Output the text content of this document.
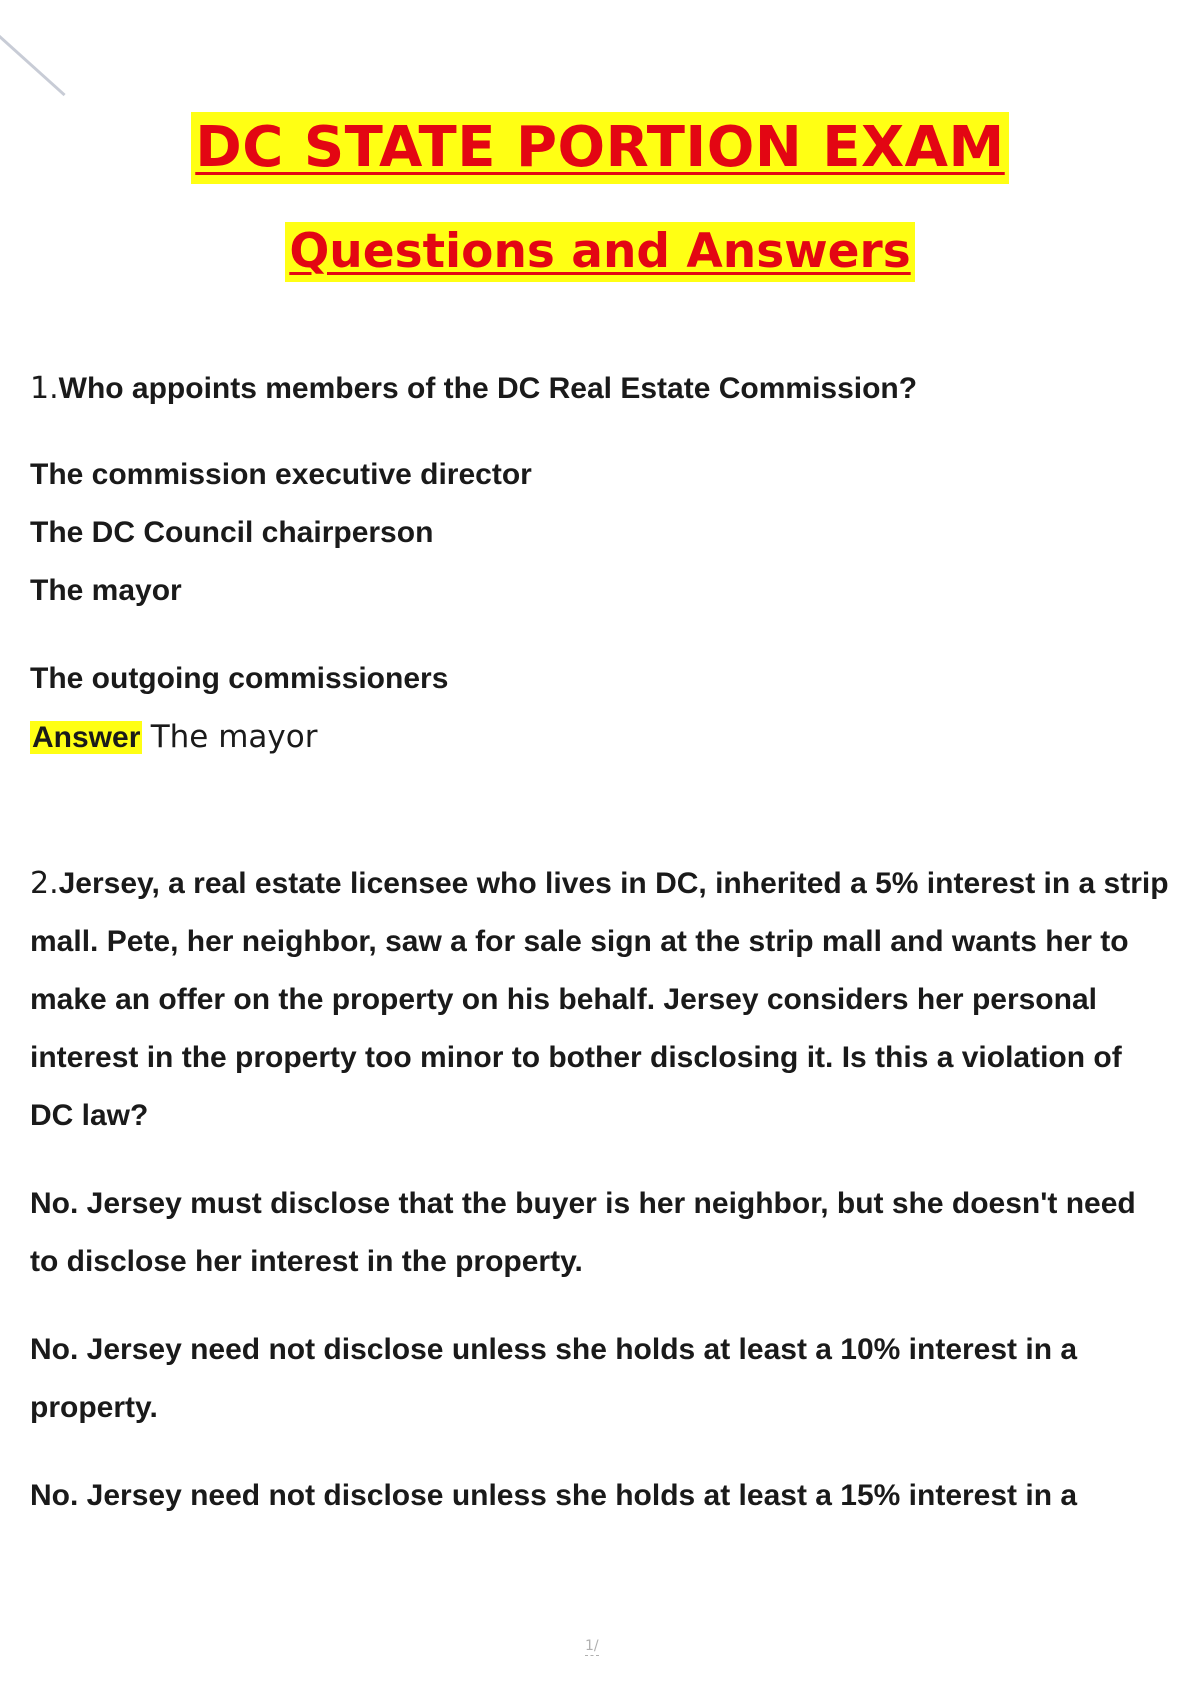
DC STATE PORTION EXAM
Questions and Answers

1.Who appoints members of the DC Real Estate Commission?

The commission executive director

The DC Council chairperson

The mayor

The outgoing commissioners

Answer The mayor

2.Jersey, a real estate licensee who lives in DC, inherited a 5% interest in a strip mall. Pete, her neighbor, saw a for sale sign at the strip mall and wants her to make an offer on the property on his behalf. Jersey considers her personal interest in the property too minor to bother disclosing it. Is this a violation of DC law?

No. Jersey must disclose that the buyer is her neighbor, but she doesn't need to disclose her interest in the property.

No. Jersey need not disclose unless she holds at least a 10% interest in a property.

No. Jersey need not disclose unless she holds at least a 15% interest in a

1/
